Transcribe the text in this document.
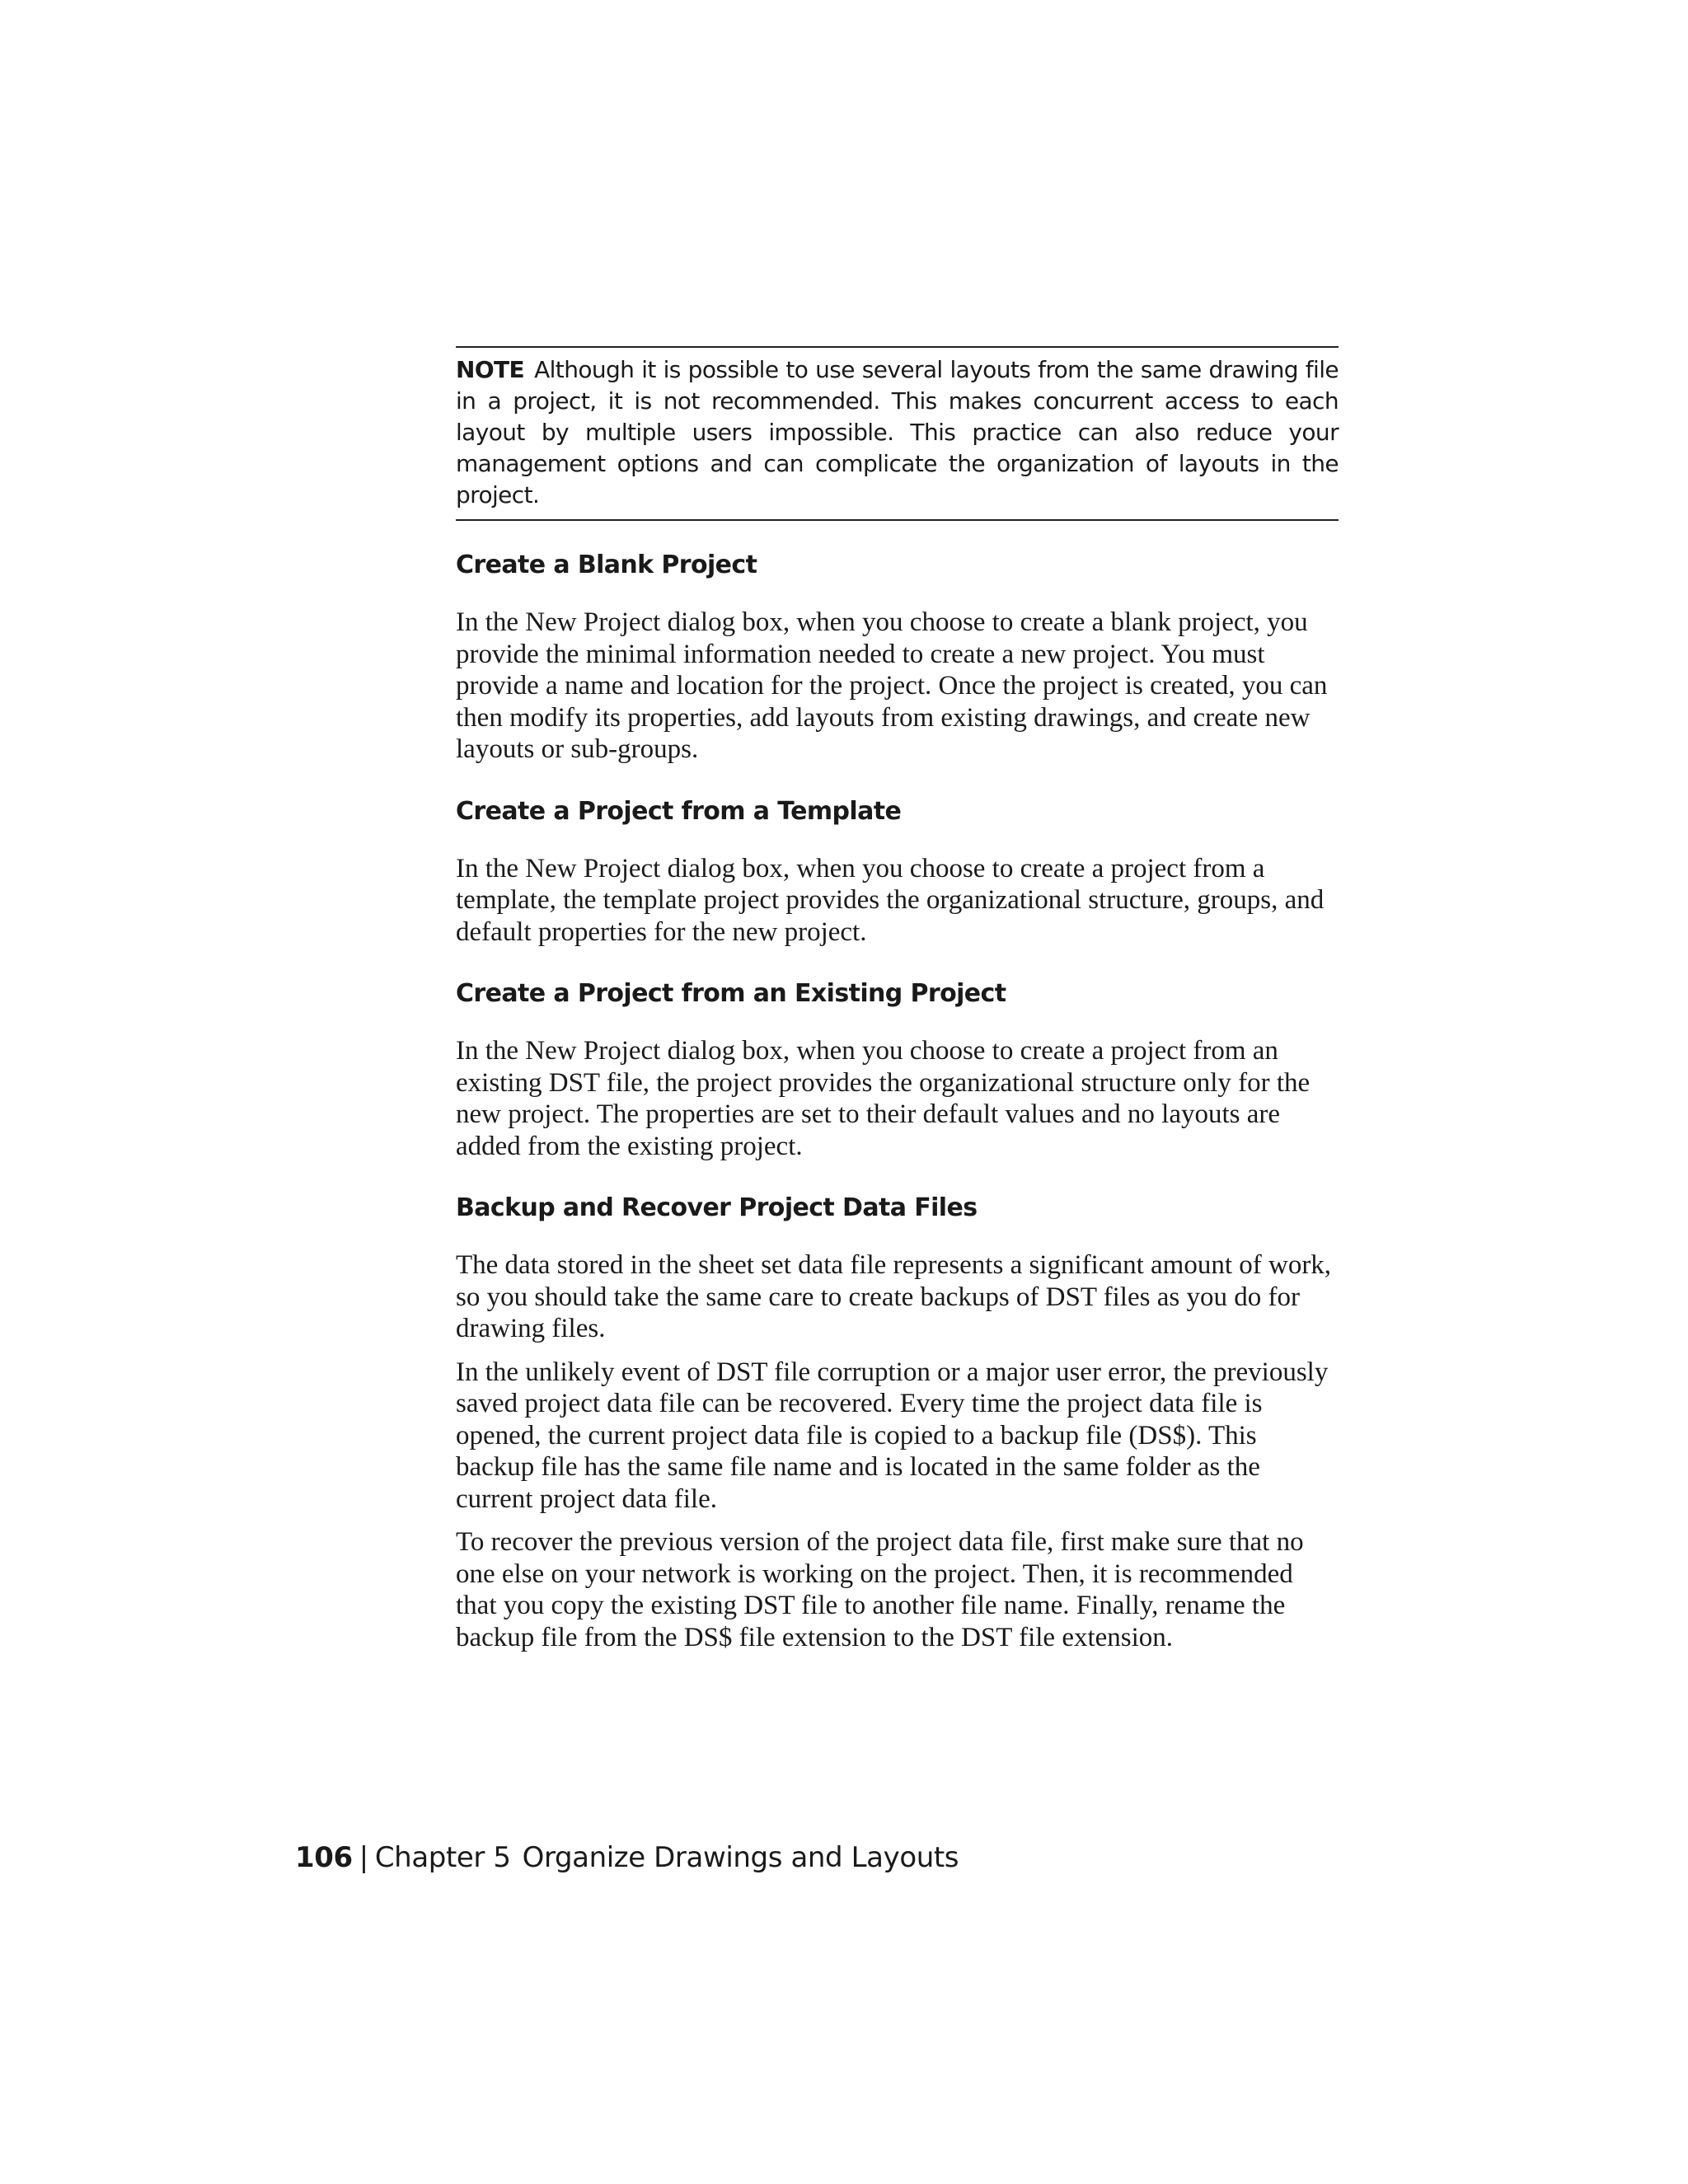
NOTE Although it is possible to use several layouts from the same drawing file in a project, it is not recommended. This makes concurrent access to each layout by multiple users impossible. This practice can also reduce your management options and can complicate the organization of layouts in the project.
Create a Blank Project

In the New Project dialog box, when you choose to create a blank project, you provide the minimal information needed to create a new project. You must provide a name and location for the project. Once the project is created, you can then modify its properties, add layouts from existing drawings, and create new layouts or sub-groups.

Create a Project from a Template

In the New Project dialog box, when you choose to create a project from a template, the template project provides the organizational structure, groups, and default properties for the new project.

Create a Project from an Existing Project

In the New Project dialog box, when you choose to create a project from an existing DST file, the project provides the organizational structure only for the new project. The properties are set to their default values and no layouts are added from the existing project.

Backup and Recover Project Data Files

The data stored in the sheet set data file represents a significant amount of work, so you should take the same care to create backups of DST files as you do for drawing files.

In the unlikely event of DST file corruption or a major user error, the previously saved project data file can be recovered. Every time the project data file is opened, the current project data file is copied to a backup file (DS$). This backup file has the same file name and is located in the same folder as the current project data file.

To recover the previous version of the project data file, first make sure that no one else on your network is working on the project. Then, it is recommended that you copy the existing DST file to another file name. Finally, rename the backup file from the DS$ file extension to the DST file extension.

106 | Chapter 5 Organize Drawings and Layouts
